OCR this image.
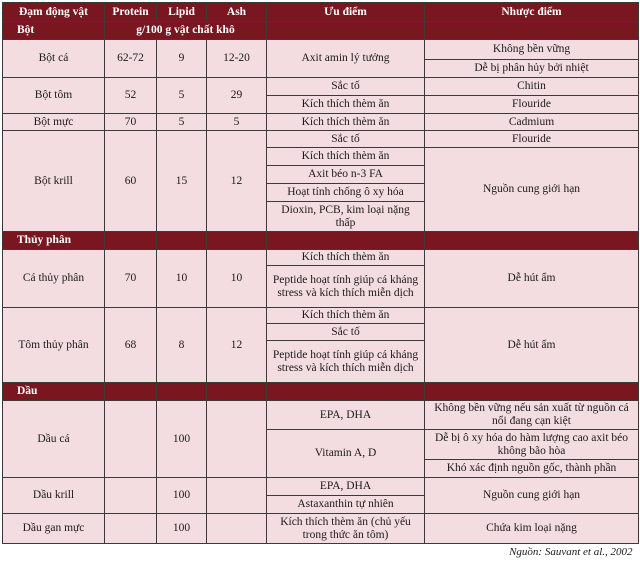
Đạm động vật	Protein	Lipid	Ash	Ưu điểm	Nhược điểm
Bột	g/100 g vật chất khô				
Bột cá	62-72	9	12-20	Axit amin lý tưởng	Không bền vững
					Dễ bị phân hủy bởi nhiệt
Bột tôm	52	5	29	Sắc tố	Chitin
				Kích thích thèm ăn	Flouride
Bột mực	70	5	5	Kích thích thèm ăn	Cadmium
Bột krill	60	15	12	Sắc tố	Flouride
				Kích thích thèm ăn	Nguồn cung giới hạn
				Axit béo n-3 FA	
				Hoạt tính chống ô xy hóa	
				Dioxin, PCB, kim loại nặng thấp	
Thủy phân					
Cá thủy phân	70	10	10	Kích thích thèm ăn	Dễ hút ẩm
				Peptide hoạt tính giúp cá kháng stress và kích thích miễn dịch	
Tôm thủy phân	68	8	12	Kích thích thèm ăn	Dễ hút ẩm
				Sắc tố	
				Peptide hoạt tính giúp cá kháng stress và kích thích miễn dịch	
Dầu					
Dầu cá		100		EPA, DHA	Không bền vững nếu sản xuất từ nguồn cá nổi đang cạn kiệt
				Vitamin A, D	Dễ bị ô xy hóa do hàm lượng cao axit béo không bão hòa
					Khó xác định nguồn gốc, thành phần
Dầu krill		100		EPA, DHA	Nguồn cung giới hạn
				Astaxanthin tự nhiên	
Dầu gan mực		100		Kích thích thèm ăn (chủ yếu trong thức ăn tôm)	Chứa kim loại nặng
Nguồn: Sauvant et al., 2002					
